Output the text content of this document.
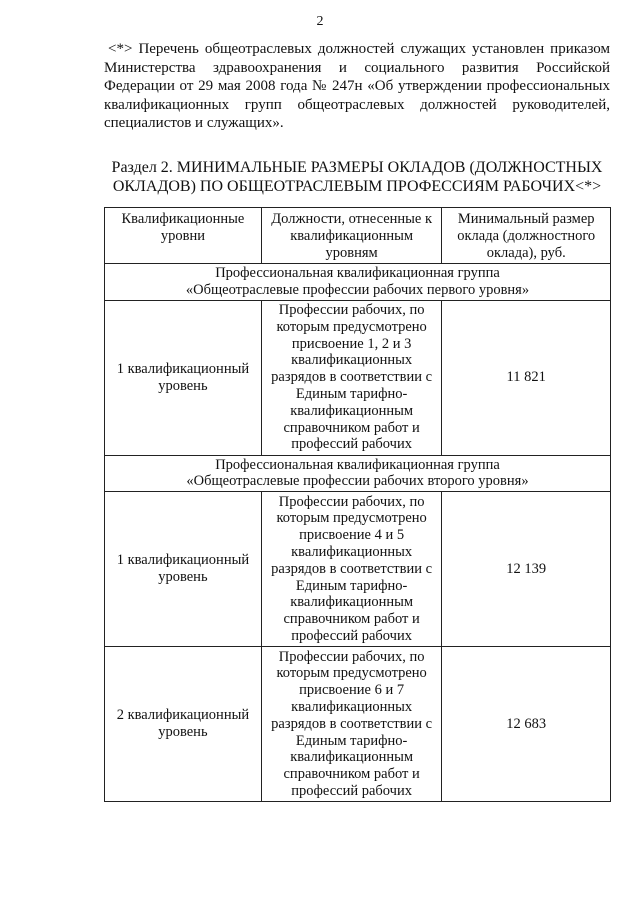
2
<*> Перечень общеотраслевых должностей служащих установлен приказом Министерства здравоохранения и социального развития Российской Федерации от 29 мая 2008 года № 247н «Об утверждении профессиональных квалификационных групп общеотраслевых должностей руководителей, специалистов и служащих».
Раздел 2. МИНИМАЛЬНЫЕ РАЗМЕРЫ ОКЛАДОВ (ДОЛЖНОСТНЫХ ОКЛАДОВ) ПО ОБЩЕОТРАСЛЕВЫМ ПРОФЕССИЯМ РАБОЧИХ<*>
Квалификационные уровни	Должности, отнесенные к квалификационным уровням	Минимальный размер оклада (должностного оклада), руб.

Профессиональная квалификационная группа
«Общеотраслевые профессии рабочих первого уровня»		

1 квалификационный уровень	Профессии рабочих, по которым предусмотрено присвоение 1, 2 и 3 квалификационных разрядов в соответствии с Единым тарифно-квалификационным справочником работ и профессий рабочих	11 821

Профессиональная квалификационная группа
«Общеотраслевые профессии рабочих второго уровня»		

1 квалификационный уровень	Профессии рабочих, по которым предусмотрено присвоение 4 и 5 квалификационных разрядов в соответствии с Единым тарифно-квалификационным справочником работ и профессий рабочих	12 139
2 квалификационный уровень	Профессии рабочих, по которым предусмотрено присвоение 6 и 7 квалификационных разрядов в соответствии с Единым тарифно-квалификационным справочником работ и профессий рабочих	12 683
